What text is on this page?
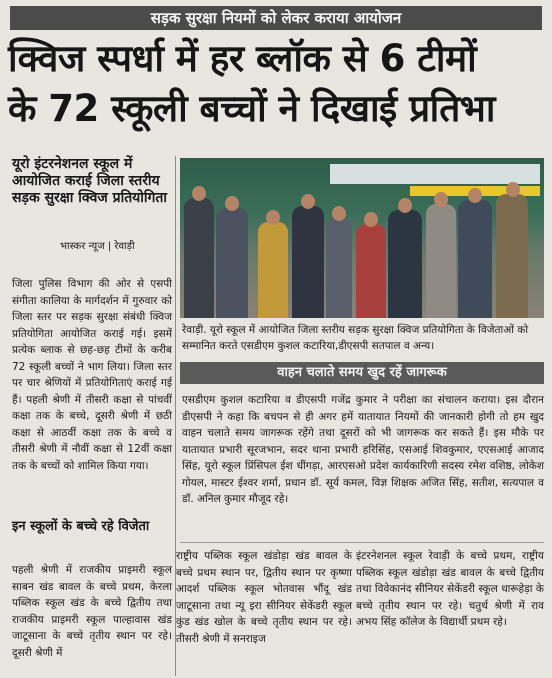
सड़क सुरक्षा नियमों को लेकर कराया आयोजन
क्विज स्पर्धा में हर ब्लॉक से 6 टीमों
के 72 स्कूली बच्चों ने दिखाई प्रतिभा
यूरो इंटरनेशनल स्कूल में आयोजित कराई जिला स्तरीय सड़क सुरक्षा क्विज प्रतियोगिता
भास्कर न्यूज | रेवाड़ी
रेवाड़ी. यूरो स्कूल में आयोजित जिला स्तरीय सड़क सुरक्षा क्विज प्रतियोगिता के विजेताओं को सम्मानित करते एसडीएम कुशल कटारिया,डीएसपी सतपाल व अन्य।
वाहन चलाते समय खुद रहें जागरूक
जिला पुलिस विभाग की ओर से एसपी संगीता कालिया के मार्गदर्शन में गुरुवार को जिला स्तर पर सड़क सुरक्षा संबंधी क्विज प्रतियोगिता आयोजित कराई गई। इसमें प्रत्येक ब्लाक से छह-छह टीमों के करीब 72 स्कूली बच्चों ने भाग लिया। जिला स्तर पर चार श्रेणियों में प्रतियोगिताएं कराई गई हैं। पहली श्रेणी में तीसरी कक्षा से पांचवीं कक्षा तक के बच्चे, दूसरी श्रेणी में छठी कक्षा से आठवीं कक्षा तक के बच्चे व तीसरी श्रेणी में नौवीं कक्षा से 12वीं कक्षा तक के बच्चों को शामिल किया गया।
इन स्कूलों के बच्चे रहे विजेता
पहली श्रेणी में राजकीय प्राइमरी स्कूल साबन खंड बावल के बच्चे प्रथम, केरला पब्लिक स्कूल खंड के बच्चे द्वितीय तथा राजकीय प्राइमरी स्कूल पाल्हावास खंड जाटूसाना के बच्चे तृतीय स्थान पर रहे। दूसरी श्रेणी में
एसडीएम कुशल कटारिया व डीएसपी गजेंद्र कुमार ने परीक्षा का संचालन कराया। इस दौरान डीएसपी ने कहा कि बचपन से ही अगर हमें यातायात नियमों की जानकारी होगी तो हम खुद वाहन चलाते समय जागरूक रहेंगे तथा दूसरों को भी जागरूक कर सकते हैं। इस मौके पर यातायात प्रभारी सूरजभान, सदर थाना प्रभारी हरिसिंह, एसआई शिवकुमार, एएसआई आजाद सिंह, यूरो स्कूल प्रिंसिपल ईश धींगड़ा, आरएसओ प्रदेश कार्यकारिणी सदस्य रमेश वशिष्ठ, लोकेश गोयल, मास्टर ईश्वर शर्मा, प्रधान डॉ. सूर्य कमल, विज्ञ शिक्षक अजित सिंह, सतीश, सत्यपाल व डॉ. अनिल कुमार मौजूद रहे।
राष्ट्रीय पब्लिक स्कूल खंडोड़ा खंड बावल के बच्चे प्रथम स्थान पर, द्वितीय स्थान पर कृष्णा आदर्श पब्लिक स्कूल भोतवास भौंदू खंड जाटूसाना तथा न्यू इरा सीनियर सेकेंडरी स्कूल कुंड खंड खोल के बच्चे तृतीय स्थान पर रहे। तीसरी श्रेणी में सनराइज
इंटरनेशनल स्कूल रेवाड़ी के बच्चे प्रथम, राष्ट्रीय पब्लिक स्कूल खंडोड़ा खंड बावल के बच्चे द्वितीय तथा विवेकानंद सीनियर सेकेंडरी स्कूल धारूहेड़ा के बच्चे तृतीय स्थान पर रहे। चतुर्थ श्रेणी में राव अभय सिंह कॉलेज के विद्यार्थी प्रथम रहे।
